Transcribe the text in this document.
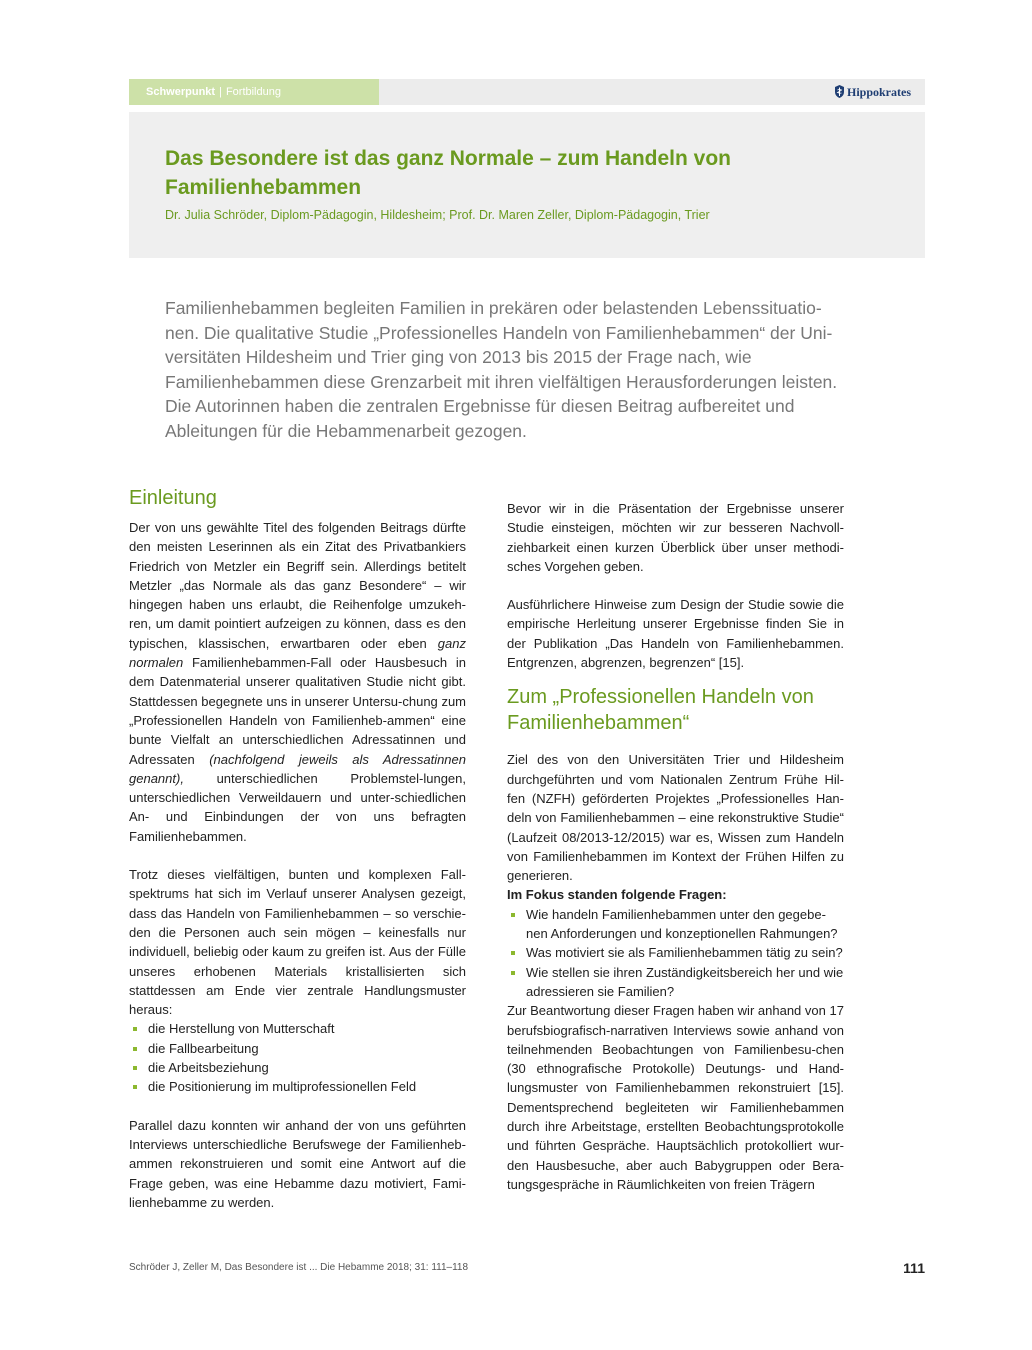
Schwerpunkt | Fortbildung	Hippokrates
Das Besondere ist das ganz Normale – zum Handeln von Familienhebammen

Dr. Julia Schröder, Diplom-Pädagogin, Hildesheim; Prof. Dr. Maren Zeller, Diplom-Pädagogin, Trier

Familienhebammen begleiten Familien in prekären oder belastenden Lebenssituatio-nen. Die qualitative Studie „Professionelles Handeln von Familienhebammen“ der Uni-versitäten Hildesheim und Trier ging von 2013 bis 2015 der Frage nach, wie Familienhebammen diese Grenzarbeit mit ihren vielfältigen Herausforderungen leisten. Die Autorinnen haben die zentralen Ergebnisse für diesen Beitrag aufbereitet und Ableitungen für die Hebammenarbeit gezogen.

Einleitung

Der von uns gewählte Titel des folgenden Beitrags dürfte den meisten Leserinnen als ein Zitat des Privatbankiers Friedrich von Metzler ein Begriff sein. Allerdings betitelt Metzler „das Normale als das ganz Besondere“ – wir hingegen haben uns erlaubt, die Reihenfolge umzukeh-ren, um damit pointiert aufzeigen zu können, dass es den typischen, klassischen, erwartbaren oder eben ganz normalen Familienhebammen-Fall oder Hausbesuch in dem Datenmaterial unserer qualitativen Studie nicht gibt. Stattdessen begegnete uns in unserer Untersu-chung zum „Professionellen Handeln von Familienheb-ammen“ eine bunte Vielfalt an unterschiedlichen Adressatinnen und Adressaten (nachfolgend jeweils als Adressatinnen genannt), unterschiedlichen Problemstel-lungen, unterschiedlichen Verweildauern und unter-schiedlichen An- und Einbindungen der von uns befragten Familienhebammen.

Trotz dieses vielfältigen, bunten und komplexen Fall-spektrums hat sich im Verlauf unserer Analysen gezeigt, dass das Handeln von Familienhebammen – so verschie-den die Personen auch sein mögen – keinesfalls nur individuell, beliebig oder kaum zu greifen ist. Aus der Fülle unseres erhobenen Materials kristallisierten sich stattdessen am Ende vier zentrale Handlungsmuster heraus:

die Herstellung von Mutterschaft
die Fallbearbeitung
die Arbeitsbeziehung
die Positionierung im multiprofessionellen Feld

Parallel dazu konnten wir anhand der von uns geführten Interviews unterschiedliche Berufswege der Familienheb-ammen rekonstruieren und somit eine Antwort auf die Frage geben, was eine Hebamme dazu motiviert, Fami-lienhebamme zu werden.

Bevor wir in die Präsentation der Ergebnisse unserer Studie einsteigen, möchten wir zur besseren Nachvoll-ziehbarkeit einen kurzen Überblick über unser methodi-sches Vorgehen geben.

Ausführlichere Hinweise zum Design der Studie sowie die empirische Herleitung unserer Ergebnisse finden Sie in der Publikation „Das Handeln von Familienhebammen. Entgrenzen, abgrenzen, begrenzen“ [15].

Zum „Professionellen Handeln von Familienhebammen“

Ziel des von den Universitäten Trier und Hildesheim durchgeführten und vom Nationalen Zentrum Frühe Hil-fen (NZFH) geförderten Projektes „Professionelles Han-deln von Familienhebammen – eine rekonstruktive Studie“ (Laufzeit 08/2013-12/2015) war es, Wissen zum Handeln von Familienhebammen im Kontext der Frühen Hilfen zu generieren.

Im Fokus standen folgende Fragen:
Wie handeln Familienhebammen unter den gegebe-nen Anforderungen und konzeptionellen Rahmungen?
Was motiviert sie als Familienhebammen tätig zu sein?
Wie stellen sie ihren Zuständigkeitsbereich her und wie adressieren sie Familien?

Zur Beantwortung dieser Fragen haben wir anhand von 17 berufsbiografisch-narrativen Interviews sowie anhand von teilnehmenden Beobachtungen von Familienbesu-chen (30 ethnografische Protokolle) Deutungs- und Hand-lungsmuster von Familienhebammen rekonstruiert [15]. Dementsprechend begleiteten wir Familienhebammen durch ihre Arbeitstage, erstellten Beobachtungsprotokolle und führten Gespräche. Hauptsächlich protokolliert wur-den Hausbesuche, aber auch Babygruppen oder Bera-tungsgespräche in Räumlichkeiten von freien Trägern

Schröder J, Zeller M, Das Besondere ist ... Die Hebamme 2018; 31: 111–118	111
